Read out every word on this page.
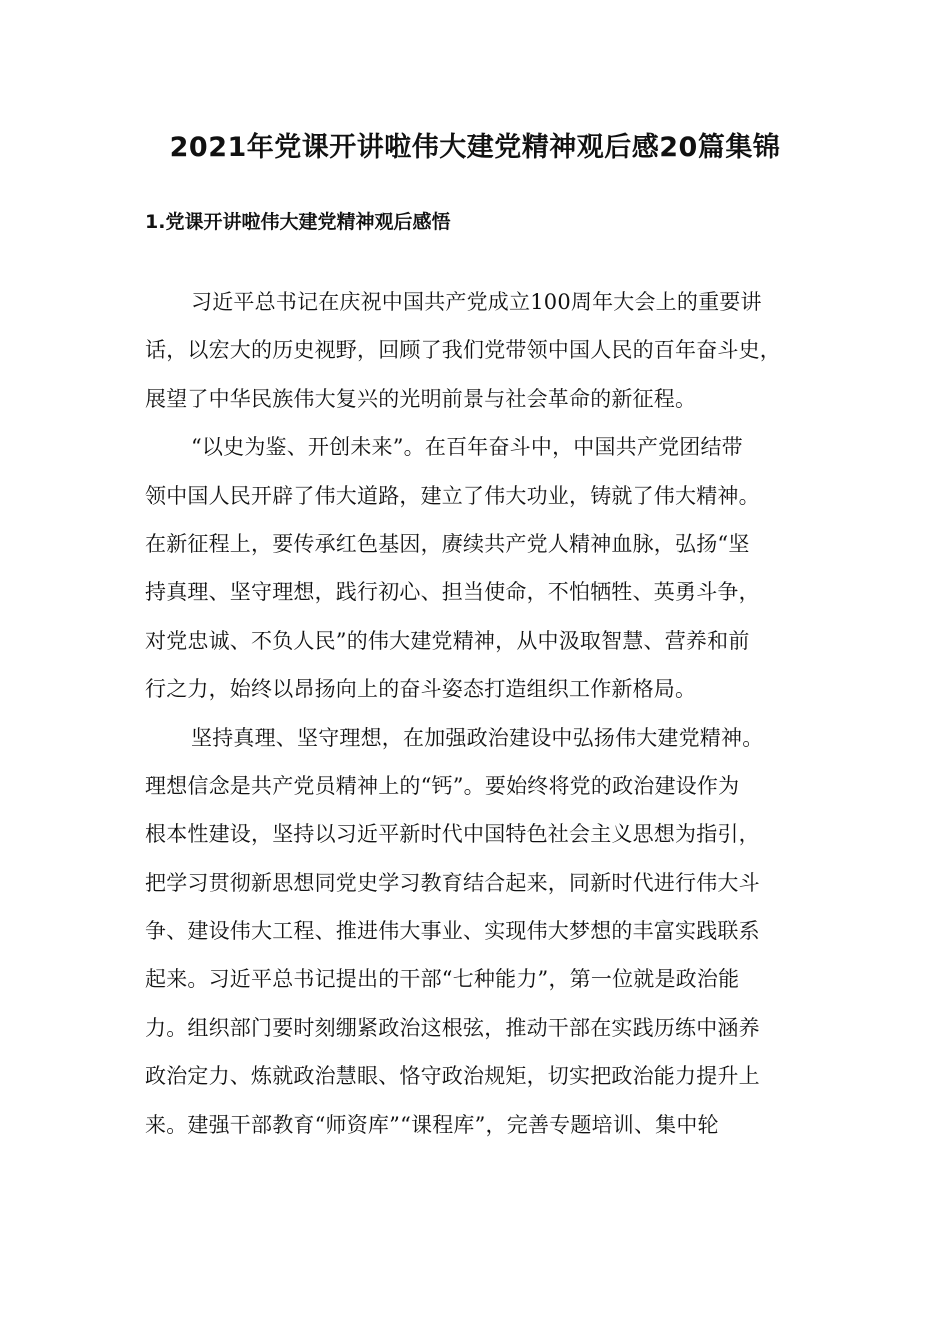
2021年党课开讲啦伟大建党精神观后感20篇集锦
1.党课开讲啦伟大建党精神观后感悟
习近平总书记在庆祝中国共产党成立100周年大会上的重要讲
话，以宏大的历史视野，回顾了我们党带领中国人民的百年奋斗史，
展望了中华民族伟大复兴的光明前景与社会革命的新征程。
“以史为鉴、开创未来”。在百年奋斗中，中国共产党团结带
领中国人民开辟了伟大道路，建立了伟大功业，铸就了伟大精神。
在新征程上，要传承红色基因，赓续共产党人精神血脉，弘扬“坚
持真理、坚守理想，践行初心、担当使命，不怕牺牲、英勇斗争，
对党忠诚、不负人民”的伟大建党精神，从中汲取智慧、营养和前
行之力，始终以昂扬向上的奋斗姿态打造组织工作新格局。
坚持真理、坚守理想，在加强政治建设中弘扬伟大建党精神。
理想信念是共产党员精神上的“钙”。要始终将党的政治建设作为
根本性建设，坚持以习近平新时代中国特色社会主义思想为指引，
把学习贯彻新思想同党史学习教育结合起来，同新时代进行伟大斗
争、建设伟大工程、推进伟大事业、实现伟大梦想的丰富实践联系
起来。习近平总书记提出的干部“七种能力”，第一位就是政治能
力。组织部门要时刻绷紧政治这根弦，推动干部在实践历练中涵养
政治定力、炼就政治慧眼、恪守政治规矩，切实把政治能力提升上
来。建强干部教育“师资库”“课程库”，完善专题培训、集中轮
